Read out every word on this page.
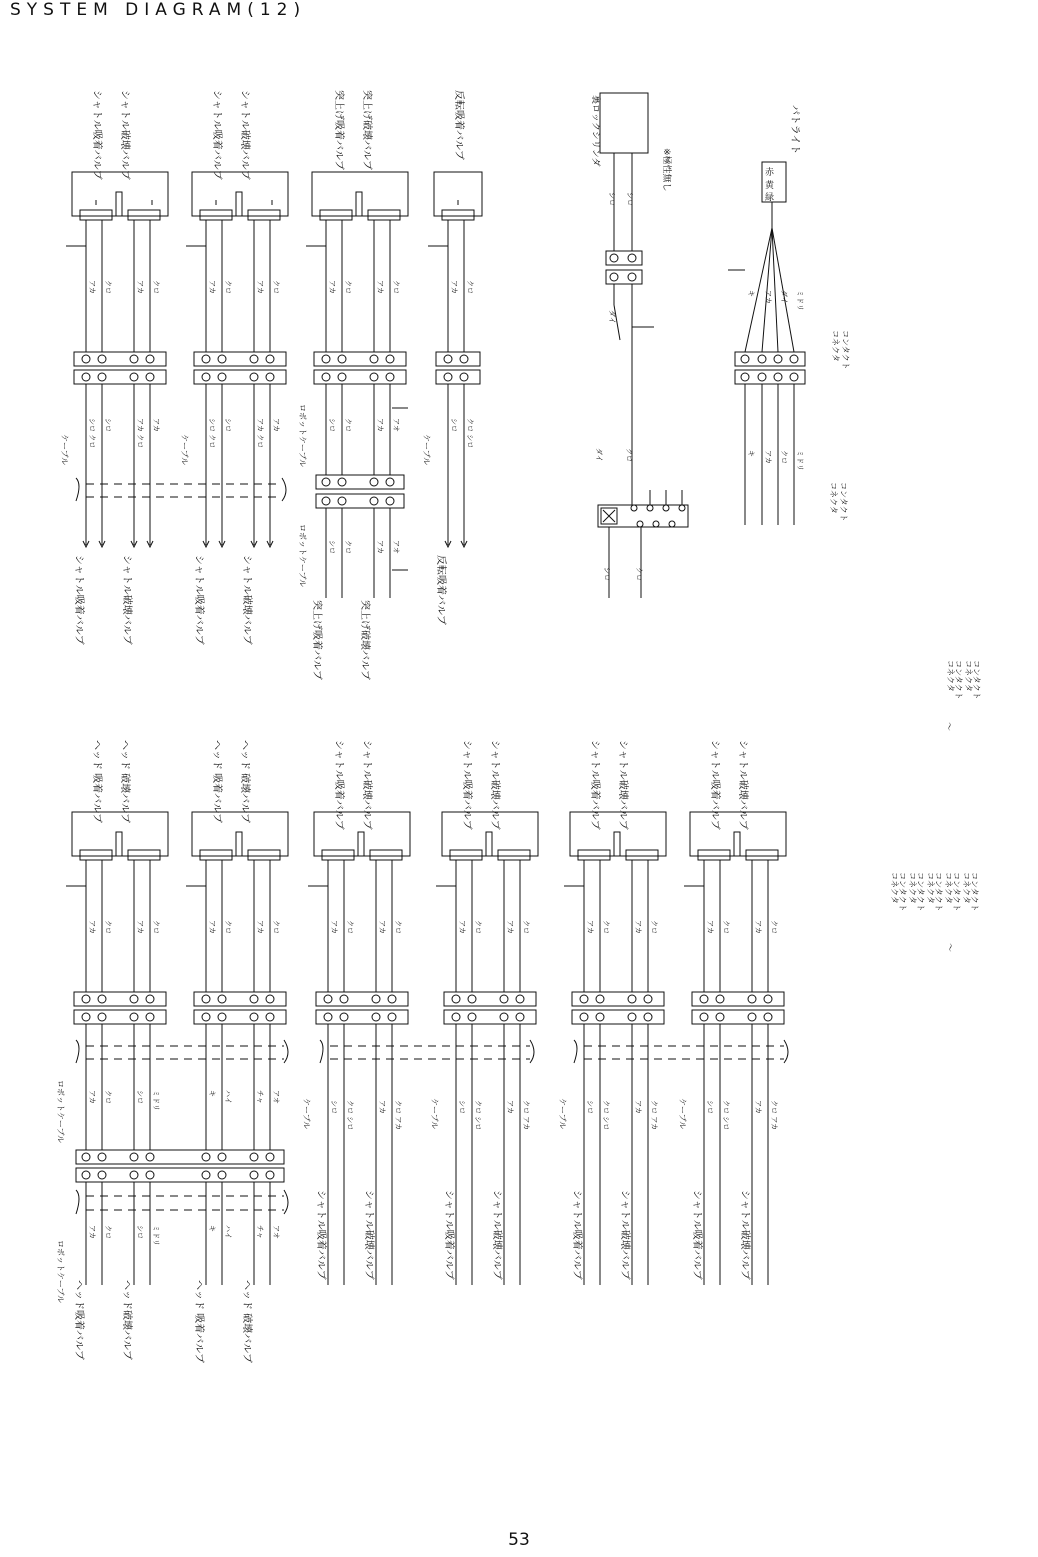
SYSTEM DIAGRAM(12)
53
シャトル吸着バルブ シャトル破壊バルブ
アカ クロ	アカ クロ
シロ クロ シロ	アカ クロ アカ
ケーブル
シャトル吸着バルブ	シャトル破壊バルブ
シャトル吸着バルブ シャトル破壊バルブ
アカ クロ	アカ クロ
シロ クロ シロ	アカ クロ アカ
ケーブル
シャトル吸着バルブ	シャトル破壊バルブ
突上げ吸着バルブ 突上げ破壊バルブ
アカ クロ	アカ クロ
シロ クロ	アカ アオ
ロボットケーブル
シロ クロ	アカ アオ
ロボットケーブル
突上げ吸着バルブ	突上げ破壊バルブ
反転吸着バルブ
アカ クロ
シロ クロ シロ
ケーブル
反転吸着バルブ
裏ロックシリンダ
※極性無し
シロ シロ
ダイ
ダイ	クロ
シロ	クロ
赤
黄
緑
パトライト
キ アカ ダイ ミドリ
キ アカ クロ ミドリ
コネクタ コンタクト
コネクタ コンタクト
ヘッド 吸着バルブ ヘッド 破壊バルブ
アカ クロ	アカ クロ
ヘッド 吸着バルブ ヘッド 破壊バルブ
アカ クロ	アカ クロ
ロボットケーブル	アカ クロ	シロ ミドリ	キ ハイ	チャ アオ
ロボットケーブル
アカ クロ	シロ ミドリ	キ ハイ	チャ アオ
ヘッド吸着バルブ	ヘッド破壊バルブ	ヘッド 吸着バルブ	ヘッド 破壊バルブ
シャトル吸着バルブ シャトル破壊バルブ
アカ クロ	アカ クロ
ケーブル	シロ クロ シロ	アカ クロ アカ
シャトル吸着バルブ	シャトル破壊バルブ
シャトル吸着バルブ シャトル破壊バルブ
アカ クロ	アカ クロ
ケーブル	シロ クロ シロ	アカ クロ アカ
シャトル吸着バルブ	シャトル破壊バルブ
シャトル吸着バルブ シャトル破壊バルブ
アカ クロ	アカ クロ
ケーブル	シロ クロ シロ	アカ クロ アカ
シャトル吸着バルブ	シャトル破壊バルブ
シャトル吸着バルブ シャトル破壊バルブ
アカ クロ	アカ クロ
ケーブル	シロ クロ シロ	アカ クロ アカ
シャトル吸着バルブ	シャトル破壊バルブ
コネクタ コンタクト コネクタ コンタクト
～
コネクタ コンタクト コネクタ コンタクト コネクタ コンタクト コネクタ コンタクト コネクタ コンタクト
～
